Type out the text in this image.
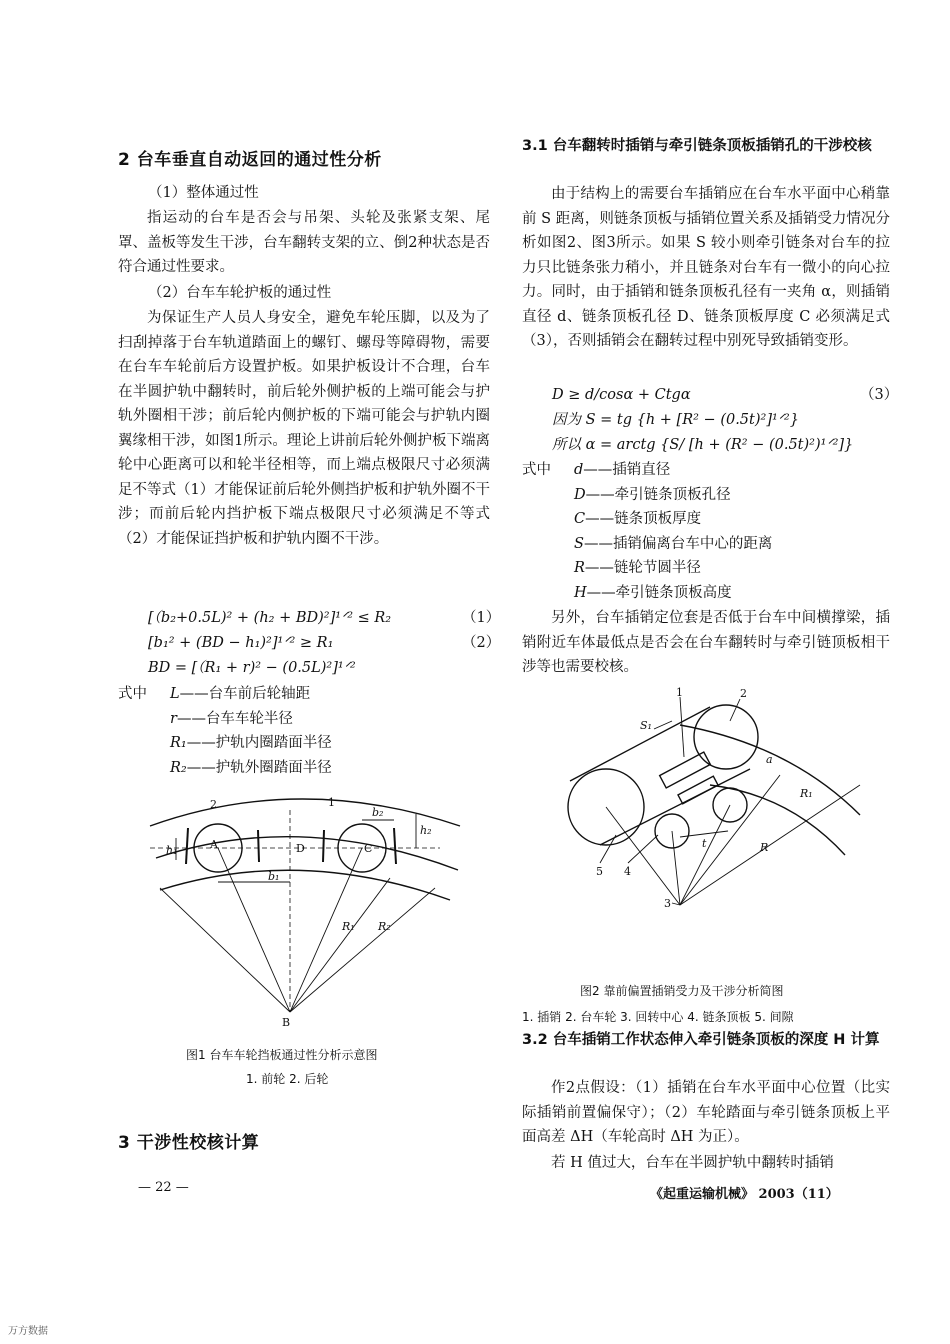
2 台车垂直自动返回的通过性分析
（1）整体通过性
指运动的台车是否会与吊架、头轮及张紧支架、尾罩、盖板等发生干涉，台车翻转支架的立、倒2种状态是否符合通过性要求。
（2）台车车轮护板的通过性
为保证生产人员人身安全，避免车轮压脚，以及为了扫刮掉落于台车轨道踏面上的螺钉、螺母等障碍物，需要在台车车轮前后方设置护板。如果护板设计不合理，台车在半圆护轨中翻转时，前后轮外侧护板的上端可能会与护轨外圈相干涉；前后轮内侧护板的下端可能会与护轨内圈翼缘相干涉，如图1所示。理论上讲前后轮外侧护板下端离轮中心距离可以和轮半径相等，而上端点极限尺寸必须满足不等式（1）才能保证前后轮外侧挡护板和护轨外圈不干涉；而前后轮内挡护板下端点极限尺寸必须满足不等式（2）才能保证挡护板和护轨内圈不干涉。
[（b₂+0.5L)² + (h₂ + BD)²]¹ᐟ² ≤ R₂	（1）
[b₁² + (BD − h₁)²]¹ᐟ² ≥ R₁	（2）
BD = [（R₁ + r)² − (0.5L)²]¹ᐟ²
式中 L——台车前后轮轴距
r——台车车轮半径
R₁——护轨内圈踏面半径
R₂——护轨外圈踏面半径
2	1
A	C
D
B
b₁
b₂
h₂
h₁
R₁ R₂
图1 台车车轮挡板通过性分析示意图
1. 前轮 2. 后轮
3 干涉性校核计算
— 22 —
3.1 台车翻转时插销与牵引链条顶板插销孔的干涉校核
由于结构上的需要台车插销应在台车水平面中心稍靠前 S 距离，则链条顶板与插销位置关系及插销受力情况分析如图2、图3所示。如果 S 较小则牵引链条对台车的拉力只比链条张力稍小，并且链条对台车有一微小的向心拉力。同时，由于插销和链条顶板孔径有一夹角 α，则插销直径 d、链条顶板孔径 D、链条顶板厚度 C 必须满足式（3），否则插销会在翻转过程中别死导致插销变形。
D ≥ d/cosα + Ctgα	（3）
因为 S = tg {h + [R² − (0.5t)²]¹ᐟ²}
所以 α = arctg {S/ [h + (R² − (0.5t)²)¹ᐟ²]}
式中 d——插销直径
D——牵引链条顶板孔径
C——链条顶板厚度
S——插销偏离台车中心的距离
R——链轮节圆半径
H——牵引链条顶板高度
另外，台车插销定位套是否低于台车中间横撑梁，插销附近车体最低点是否会在台车翻转时与牵引链顶板相干涉等也需要校核。
1	2
3
4
5
S₁
R
R₁
t
a
图2 靠前偏置插销受力及干涉分析简图
1. 插销 2. 台车轮 3. 回转中心 4. 链条顶板 5. 间隙
3.2 台车插销工作状态伸入牵引链条顶板的深度 H 计算
作2点假设：（1）插销在台车水平面中心位置（比实际插销前置偏保守）；（2）车轮踏面与牵引链条顶板上平面高差 ΔH（车轮高时 ΔH 为正）。
若 H 值过大，台车在半圆护轨中翻转时插销
《起重运输机械》 2003（11）
万方数据
